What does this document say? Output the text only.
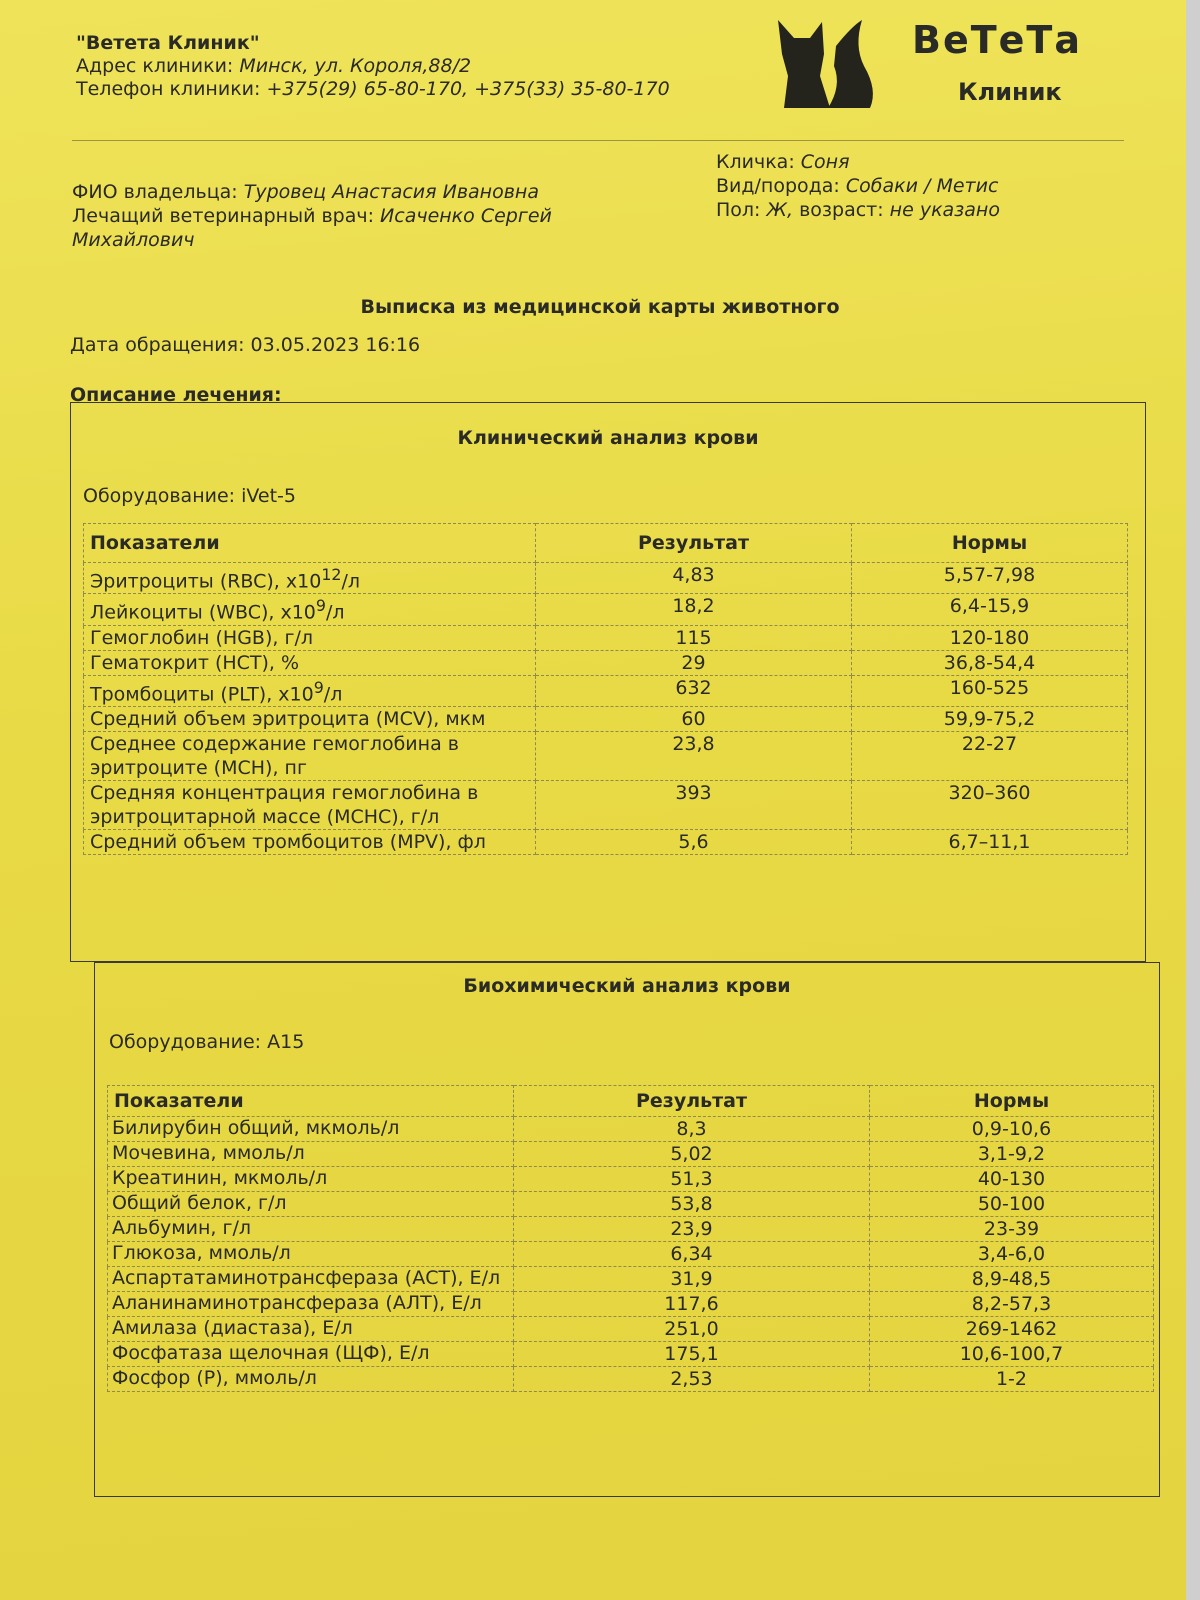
"Ветета Клиник"
Адрес клиники: Минск, ул. Короля,88/2
Телефон клиники: +375(29) 65-80-170, +375(33) 35-80-170
ВеТеТа
Клиник
Кличка: Соня
Вид/порода: Собаки / Метис
Пол: Ж, возраст: не указано
ФИО владельца: Туровец Анастасия Ивановна
Лечащий ветеринарный врач: Исаченко Сергей Михайлович
Выписка из медицинской карты животного
Дата обращения: 03.05.2023 16:16
Описание лечения:
Клинический анализ крови
Оборудование: iVet-5
Показатели	Результат	Нормы
Эритроциты (RBC), $х10^{12}/л$	4,83	5,57-7,98
Лейкоциты (WBC), $х10^9/л$	18,2	6,4-15,9
Гемоглобин (HGB), г/л	115	120-180
Гематокрит (HCT), %	29	36,8-54,4
Тромбоциты (PLT), $х10^9/л$	632	160-525
Средний объем эритроцита (MCV), мкм	60	59,9-75,2
Среднее содержание гемоглобина в эритроците (MCH), пг	23,8	22-27
Средняя концентрация гемоглобина в эритроцитарной массе (MCHC), г/л	393	320–360
Средний объем тромбоцитов (MPV), фл	5,6	6,7–11,1
Биохимический анализ крови
Оборудование: А15
Показатели	Результат	Нормы
Билирубин общий, мкмоль/л	8,3	0,9-10,6
Мочевина, ммоль/л	5,02	3,1-9,2
Креатинин, мкмоль/л	51,3	40-130
Общий белок, г/л	53,8	50-100
Альбумин, г/л	23,9	23-39
Глюкоза, ммоль/л	6,34	3,4-6,0
Аспартатаминотрансфераза (АСТ), Е/л	31,9	8,9-48,5
Аланинаминотрансфераза (АЛТ), Е/л	117,6	8,2-57,3
Амилаза (диастаза), Е/л	251,0	269-1462
Фосфатаза щелочная (ЩФ), Е/л	175,1	10,6-100,7
Фосфор (Р), ммоль/л	2,53	1-2
